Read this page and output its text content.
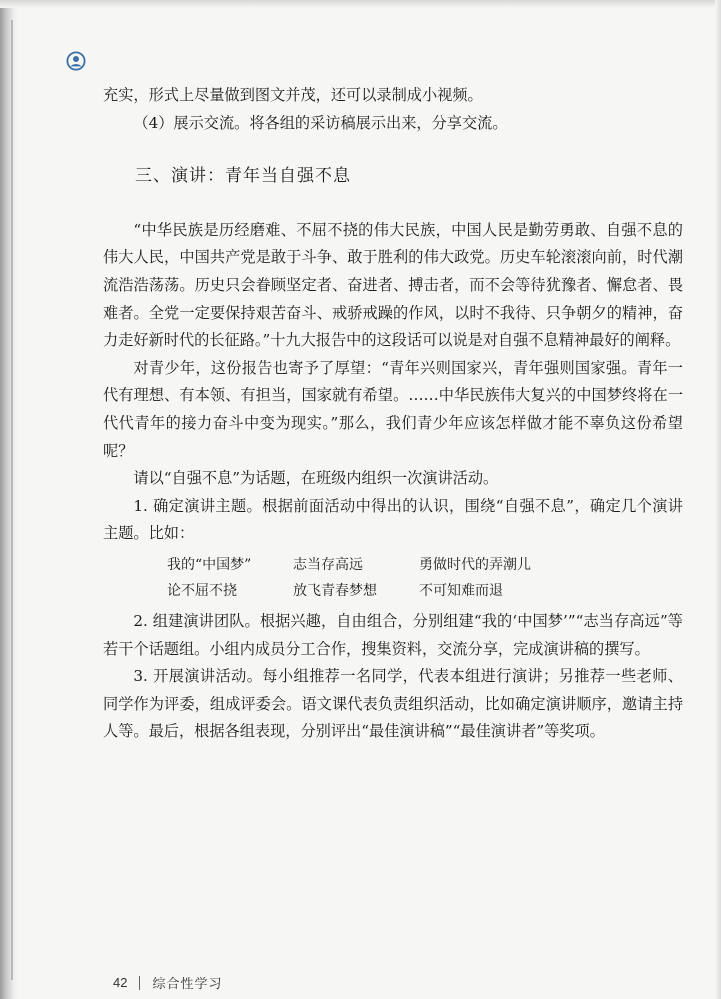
充实，形式上尽量做到图文并茂，还可以录制成小视频。

（4）展示交流。将各组的采访稿展示出来，分享交流。

三、演讲：青年当自强不息

“中华民族是历经磨难、不屈不挠的伟大民族，中国人民是勤劳勇敢、自强不息的伟大人民，中国共产党是敢于斗争、敢于胜利的伟大政党。历史车轮滚滚向前，时代潮流浩浩荡荡。历史只会眷顾坚定者、奋进者、搏击者，而不会等待犹豫者、懈怠者、畏难者。全党一定要保持艰苦奋斗、戒骄戒躁的作风，以时不我待、只争朝夕的精神，奋力走好新时代的长征路。”十九大报告中的这段话可以说是对自强不息精神最好的阐释。

对青少年，这份报告也寄予了厚望：“青年兴则国家兴，青年强则国家强。青年一代有理想、有本领、有担当，国家就有希望。……中华民族伟大复兴的中国梦终将在一代代青年的接力奋斗中变为现实。”那么，我们青少年应该怎样做才能不辜负这份希望呢？

请以“自强不息”为话题，在班级内组织一次演讲活动。

1. 确定演讲主题。根据前面活动中得出的认识，围绕“自强不息”，确定几个演讲主题。比如：

我的“中国梦”	志当存高远	勇做时代的弄潮儿
论不屈不挠	放飞青春梦想	不可知难而退

2. 组建演讲团队。根据兴趣，自由组合，分别组建“我的‘中国梦’”“志当存高远”等若干个话题组。小组内成员分工合作，搜集资料，交流分享，完成演讲稿的撰写。

3. 开展演讲活动。每小组推荐一名同学，代表本组进行演讲；另推荐一些老师、同学作为评委，组成评委会。语文课代表负责组织活动，比如确定演讲顺序，邀请主持人等。最后，根据各组表现，分别评出“最佳演讲稿”“最佳演讲者”等奖项。

42 综合性学习
